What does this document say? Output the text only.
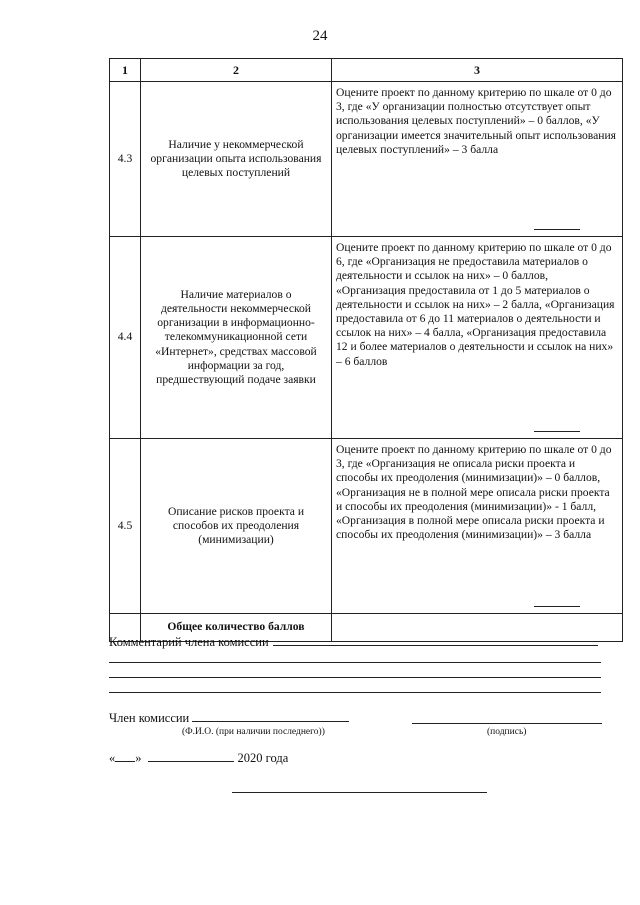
24
1	2	3
4.3	Наличие у некоммерческой организации опыта использования целевых поступлений	Оцените проект по данному критерию по шкале от 0 до 3, где «У организации полностью отсутствует опыт использования целевых поступлений» – 0 баллов, «У организации имеется значительный опыт использования целевых поступлений» – 3 балла

4.4	Наличие материалов о деятельности некоммерческой организации в информационно-телекоммуникационной сети «Интернет», средствах массовой информации за год, предшествующий подаче заявки	Оцените проект по данному критерию по шкале от 0 до 6, где «Организация не предоставила материалов о деятельности и ссылок на них» – 0 баллов, «Организация предоставила от 1 до 5 материалов о деятельности и ссылок на них» – 2 балла, «Организация предоставила от 6 до 11 материалов о деятельности и ссылок на них» – 4 балла, «Организация предоставила 12 и более материалов о деятельности и ссылок на них» – 6 баллов

4.5	Описание рисков проекта и способов их преодоления (минимизации)	Оцените проект по данному критерию по шкале от 0 до 3, где «Организация не описала риски проекта и способы их преодоления (минимизации)» – 0 баллов, «Организация не в полной мере описала риски проекта и способы их преодоления (минимизации)» - 1 балл, «Организация в полной мере описала риски проекта и способы их преодоления (минимизации)» – 3 балла

	Общее количество баллов	
Комментарий члена комиссии
Член комиссии
(Ф.И.О. (при наличии последнего))	(подпись)
« »	2020 года
